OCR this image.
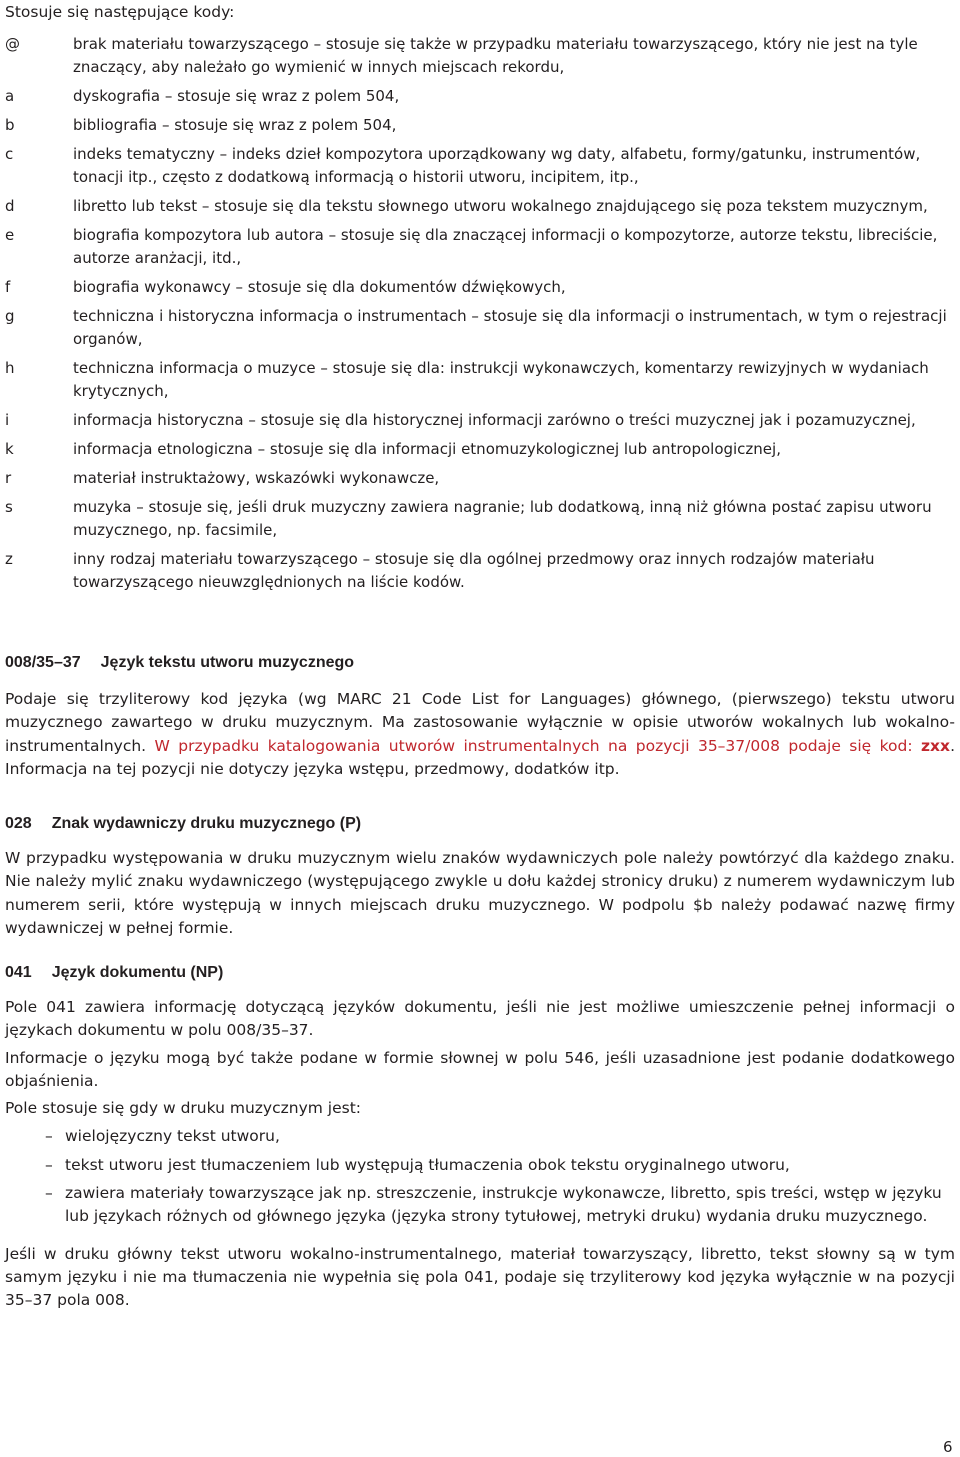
Stosuje się następujące kody:
@	brak materiału towarzyszącego – stosuje się także w przypadku materiału towarzyszącego, który nie jest na tyle znaczący, aby należało go wymienić w innych miejscach rekordu,
a	dyskografia – stosuje się wraz z polem 504,
b	bibliografia – stosuje się wraz z polem 504,
c	indeks tematyczny – indeks dzieł kompozytora uporządkowany wg daty, alfabetu, formy/gatunku, instrumentów, tonacji itp., często z dodatkową informacją o historii utworu, incipitem, itp.,
d	libretto lub tekst – stosuje się dla tekstu słownego utworu wokalnego znajdującego się poza tekstem muzycznym,
e	biografia kompozytora lub autora – stosuje się dla znaczącej informacji o kompozytorze, autorze tekstu, libreciście, autorze aranżacji, itd.,
f	biografia wykonawcy – stosuje się dla dokumentów dźwiękowych,
g	techniczna i historyczna informacja o instrumentach – stosuje się dla informacji o instrumentach, w tym o rejestracji organów,
h	techniczna informacja o muzyce – stosuje się dla: instrukcji wykonawczych, komentarzy rewizyjnych w wydaniach krytycznych,
i	informacja historyczna – stosuje się dla historycznej informacji zarówno o treści muzycznej jak i pozamuzycznej,
k	informacja etnologiczna – stosuje się dla informacji etnomuzykologicznej lub antropologicznej,
r	materiał instruktażowy, wskazówki wykonawcze,
s	muzyka – stosuje się, jeśli druk muzyczny zawiera nagranie; lub dodatkową, inną niż główna postać zapisu utworu muzycznego, np. facsimile,
z	inny rodzaj materiału towarzyszącego – stosuje się dla ogólnej przedmowy oraz innych rodzajów materiału towarzyszącego nieuwzględnionych na liście kodów.
008/35–37 Język tekstu utworu muzycznego

Podaje się trzyliterowy kod języka (wg MARC 21 Code List for Languages) głównego, (pierwszego) tekstu utworu muzycznego zawartego w druku muzycznym. Ma zastosowanie wyłącznie w opisie utworów wokalnych lub wokalno-instrumentalnych. W przypadku katalogowania utworów instrumentalnych na pozycji 35–37/008 podaje się kod: zxx. Informacja na tej pozycji nie dotyczy języka wstępu, przedmowy, dodatków itp.

028 Znak wydawniczy druku muzycznego (P)

W przypadku występowania w druku muzycznym wielu znaków wydawniczych pole należy powtórzyć dla każdego znaku. Nie należy mylić znaku wydawniczego (występującego zwykle u dołu każdej stronicy druku) z numerem wydawniczym lub numerem serii, które występują w innych miejscach druku muzycznego. W podpolu $b należy podawać nazwę firmy wydawniczej w pełnej formie.

041 Język dokumentu (NP)

Pole 041 zawiera informację dotyczącą języków dokumentu, jeśli nie jest możliwe umieszczenie pełnej informacji o językach dokumentu w polu 008/35–37.

Informacje o języku mogą być także podane w formie słownej w polu 546, jeśli uzasadnione jest podanie dodatkowego objaśnienia.

Pole stosuje się gdy w druku muzycznym jest:

– wielojęzyczny tekst utworu,
– tekst utworu jest tłumaczeniem lub występują tłumaczenia obok tekstu oryginalnego utworu,
– zawiera materiały towarzyszące jak np. streszczenie, instrukcje wykonawcze, libretto, spis treści, wstęp w języku lub językach różnych od głównego języka (języka strony tytułowej, metryki druku) wydania druku muzycznego.

Jeśli w druku główny tekst utworu wokalno-instrumentalnego, materiał towarzyszący, libretto, tekst słowny są w tym samym języku i nie ma tłumaczenia nie wypełnia się pola 041, podaje się trzyliterowy kod języka wyłącznie w na pozycji 35–37 pola 008.

6
